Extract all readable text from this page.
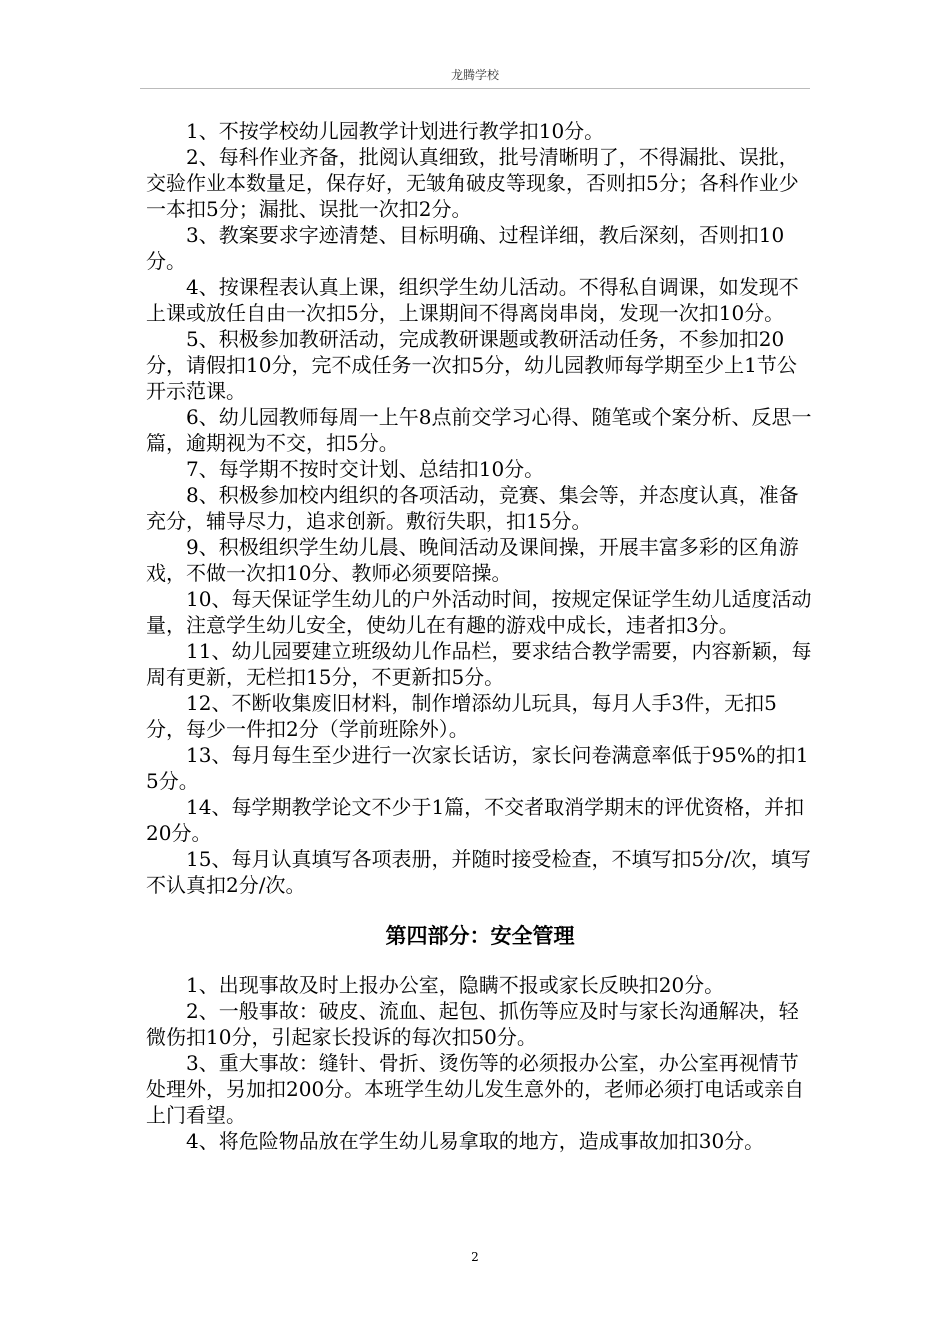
龙腾学校

1、不按学校幼儿园教学计划进行教学扣10分。

2、每科作业齐备，批阅认真细致，批号清晰明了，不得漏批、误批，交验作业本数量足，保存好，无皱角破皮等现象，否则扣5分；各科作业少一本扣5分；漏批、误批一次扣2分。

3、教案要求字迹清楚、目标明确、过程详细，教后深刻，否则扣10分。

4、按课程表认真上课，组织学生幼儿活动。不得私自调课，如发现不上课或放任自由一次扣5分，上课期间不得离岗串岗，发现一次扣10分。

5、积极参加教研活动，完成教研课题或教研活动任务，不参加扣20分，请假扣10分，完不成任务一次扣5分，幼儿园教师每学期至少上1节公开示范课。

6、幼儿园教师每周一上午8点前交学习心得、随笔或个案分析、反思一篇，逾期视为不交，扣5分。

7、每学期不按时交计划、总结扣10分。

8、积极参加校内组织的各项活动，竞赛、集会等，并态度认真，准备充分，辅导尽力，追求创新。敷衍失职，扣15分。

9、积极组织学生幼儿晨、晚间活动及课间操，开展丰富多彩的区角游戏，不做一次扣10分、教师必须要陪操。

10、每天保证学生幼儿的户外活动时间，按规定保证学生幼儿适度活动量，注意学生幼儿安全，使幼儿在有趣的游戏中成长，违者扣3分。

11、幼儿园要建立班级幼儿作品栏，要求结合教学需要，内容新颖，每周有更新，无栏扣15分，不更新扣5分。

12、不断收集废旧材料，制作增添幼儿玩具，每月人手3件，无扣5分，每少一件扣2分（学前班除外）。

13、每月每生至少进行一次家长话访，家长问卷满意率低于95%的扣15分。

14、每学期教学论文不少于1篇，不交者取消学期末的评优资格，并扣20分。

15、每月认真填写各项表册，并随时接受检查，不填写扣5分/次，填写不认真扣2分/次。

第四部分：安全管理

1、出现事故及时上报办公室，隐瞒不报或家长反映扣20分。

2、一般事故：破皮、流血、起包、抓伤等应及时与家长沟通解决，轻微伤扣10分，引起家长投诉的每次扣50分。

3、重大事故：缝针、骨折、烫伤等的必须报办公室，办公室再视情节处理外，另加扣200分。本班学生幼儿发生意外的，老师必须打电话或亲自上门看望。

4、将危险物品放在学生幼儿易拿取的地方，造成事故加扣30分。

2
